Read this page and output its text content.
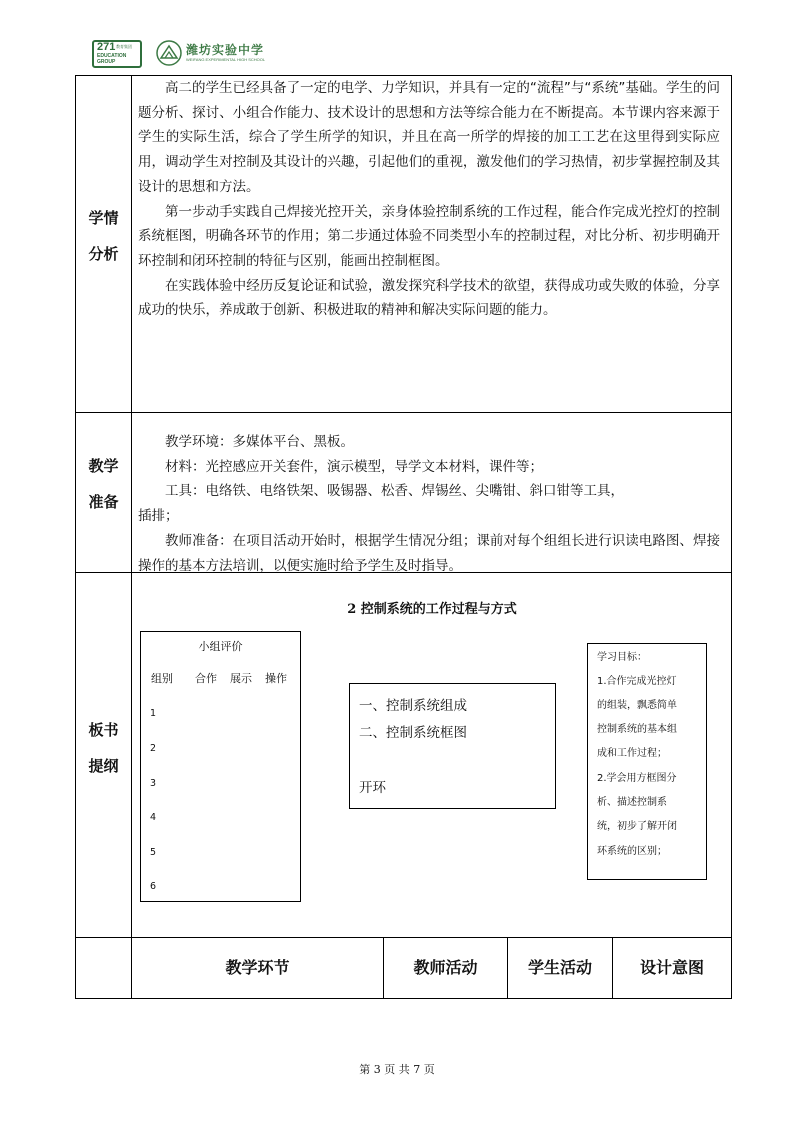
271 教育集团
EDUCATION
GROUP
潍坊实验中学
WEIFANG EXPERIMENTAL HIGH SCHOOL
学情
分析

高二的学生已经具备了一定的电学、力学知识，并具有一定的“流程”与“系统”基础。学生的问题分析、探讨、小组合作能力、技术设计的思想和方法等综合能力在不断提高。本节课内容来源于学生的实际生活，综合了学生所学的知识，并且在高一所学的焊接的加工工艺在这里得到实际应用，调动学生对控制及其设计的兴趣，引起他们的重视，激发他们的学习热情，初步掌握控制及其设计的思想和方法。

第一步动手实践自己焊接光控开关，亲身体验控制系统的工作过程，能合作完成光控灯的控制系统框图，明确各环节的作用；第二步通过体验不同类型小车的控制过程，对比分析、初步明确开环控制和闭环控制的特征与区别，能画出控制框图。

在实践体验中经历反复论证和试验，激发探究科学技术的欲望，获得成功或失败的体验，分享成功的快乐，养成敢于创新、积极进取的精神和解决实际问题的能力。

教学
准备

教学环境：多媒体平台、黑板。

材料：光控感应开关套件，演示模型，导学文本材料，课件等；

工具：电络铁、电络铁架、吸锡器、松香、焊锡丝、尖嘴钳、斜口钳等工具，

插排；

教师准备：在项目活动开始时，根据学生情况分组；课前对每个组组长进行识读电路图、焊接操作的基本方法培训，以便实施时给予学生及时指导。

板书
提纲
2 控制系统的工作过程与方式
小组评价
组别 合作 展示 操作
1
2
3
4
5
6
一、控制系统组成
二、控制系统框图
开环
学习目标：
1.合作完成光控灯
的组装，飘悉简单
控制系统的基本组
成和工作过程；
2.学会用方框图分
析、描述控制系
统，初步了解开闭
环系统的区别；
教学环节	教师活动	学生活动	设计意图
第 3 页 共 7 页
